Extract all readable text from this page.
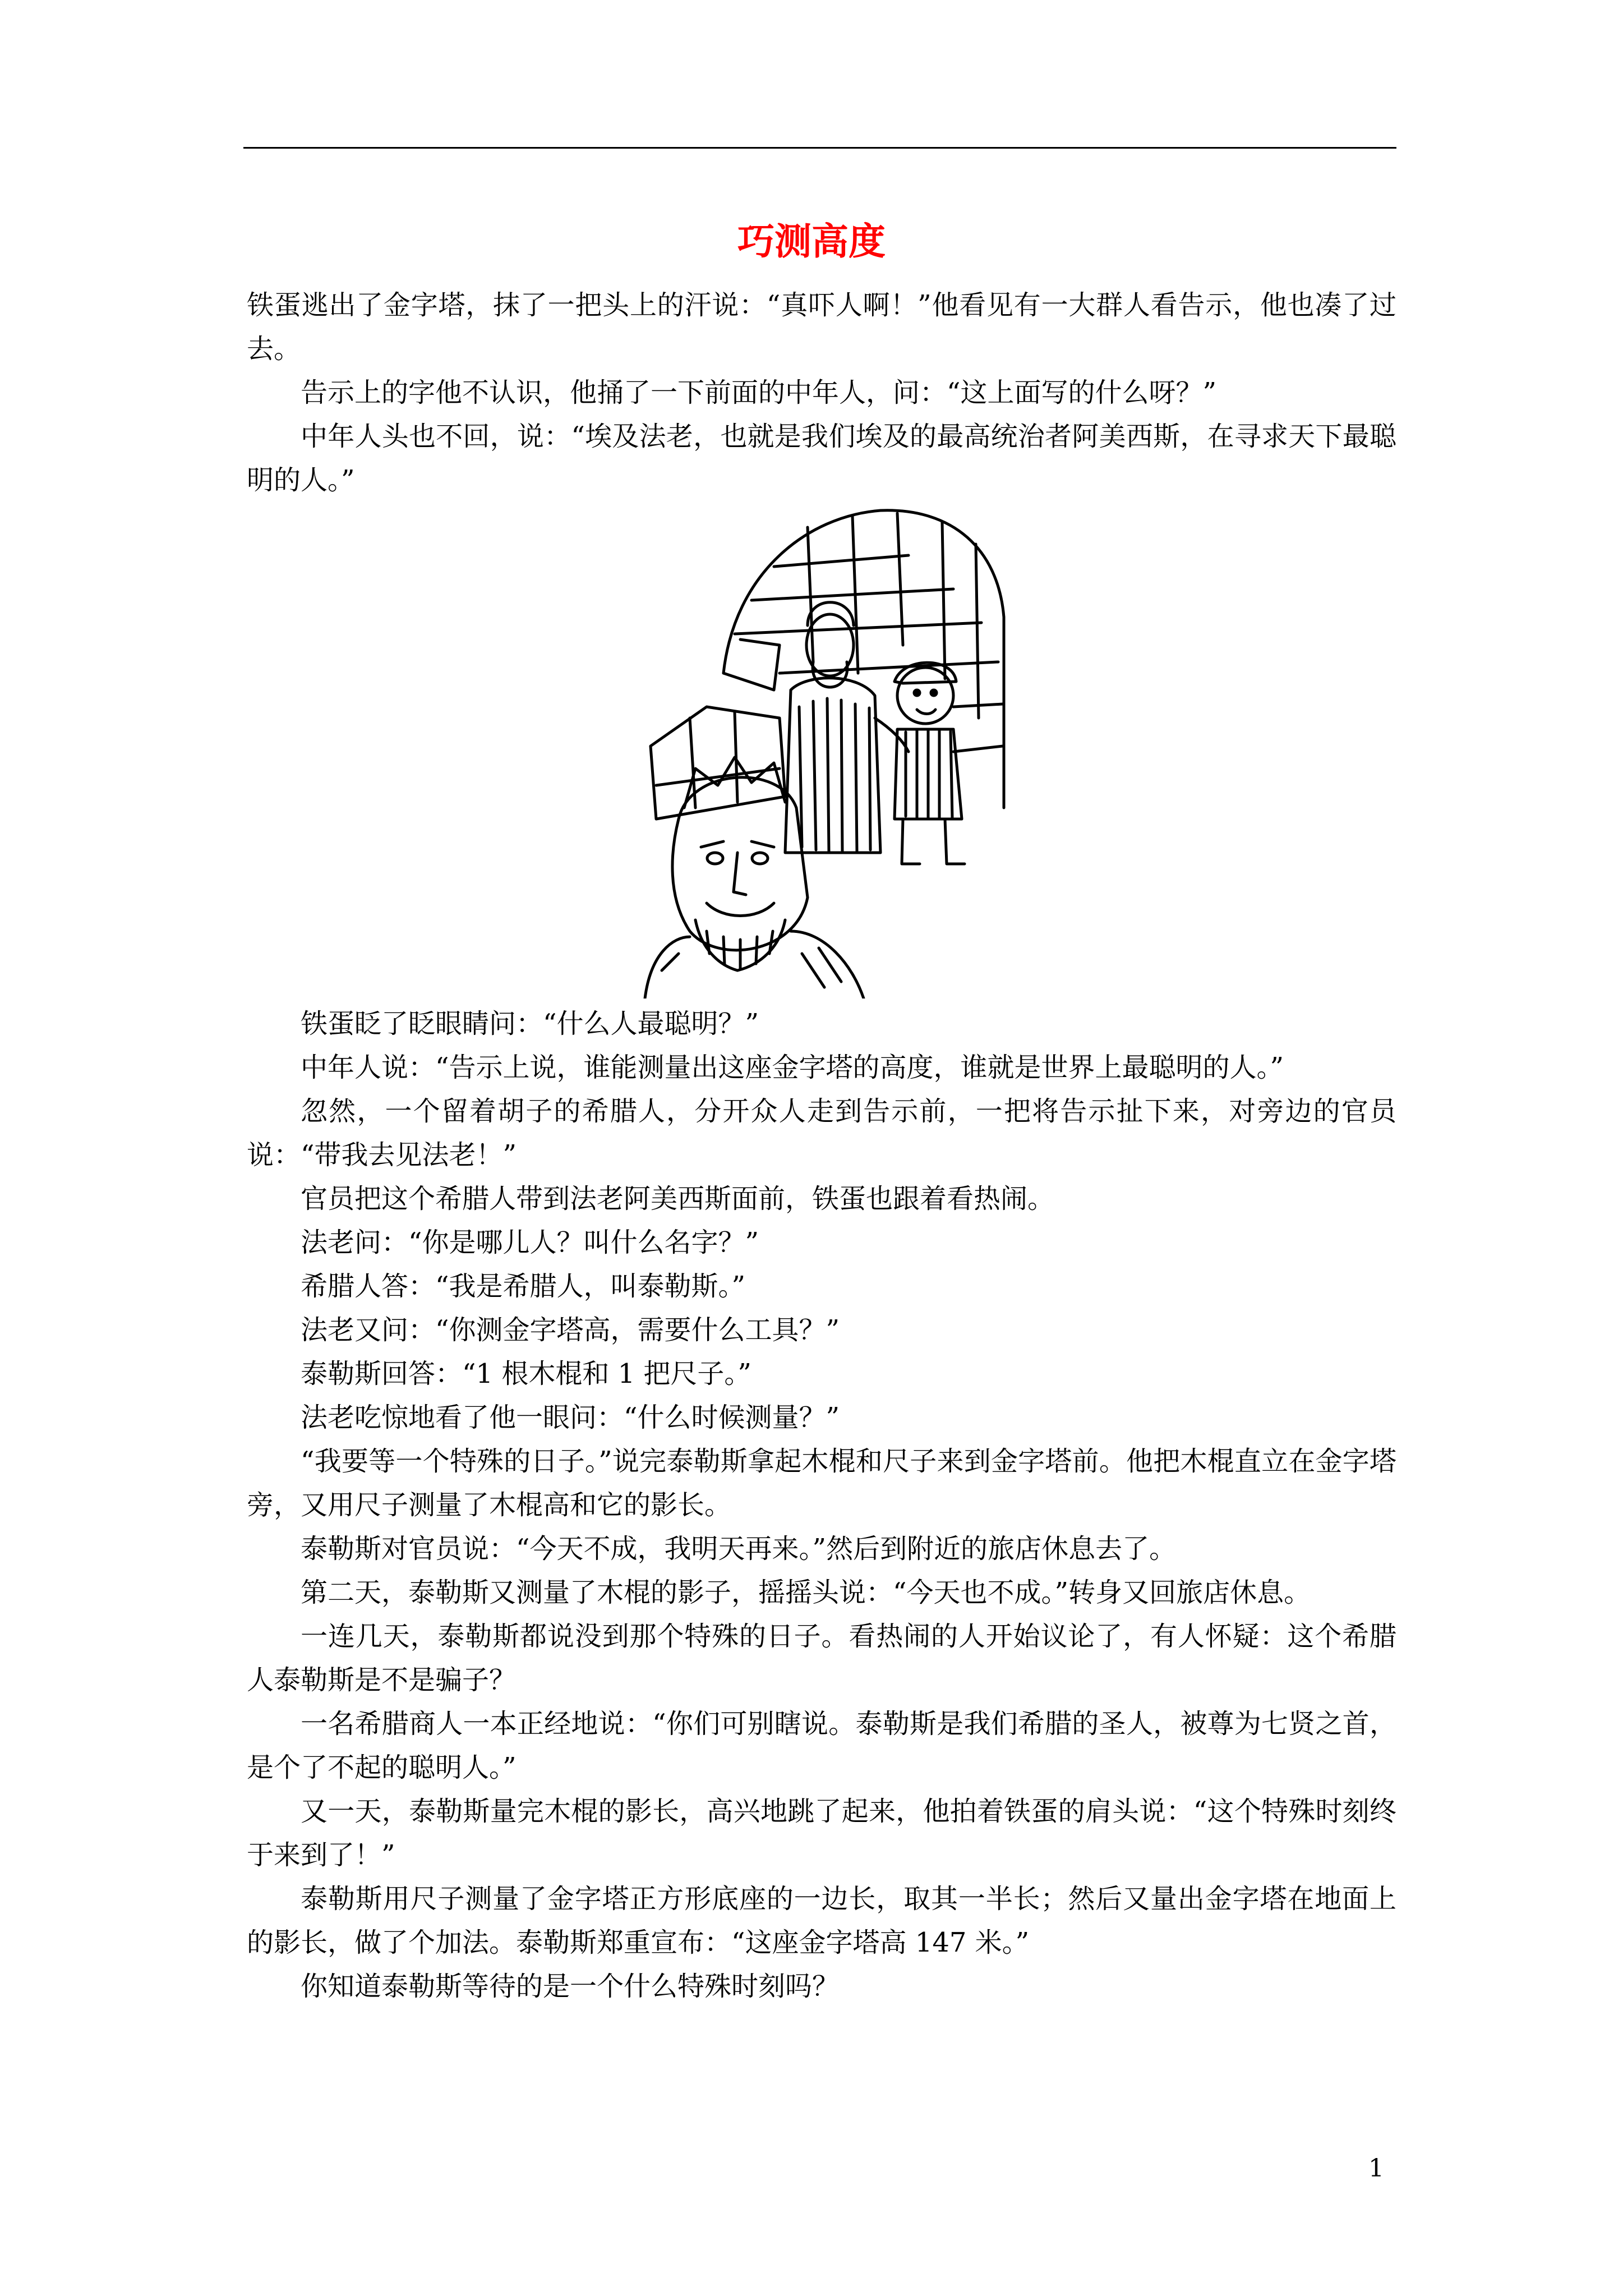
巧测高度

铁蛋逃出了金字塔，抹了一把头上的汗说：“真吓人啊！”他看见有一大群人看告示，他也凑了过去。

告示上的字他不认识，他捅了一下前面的中年人，问：“这上面写的什么呀？”

中年人头也不回，说：“埃及法老，也就是我们埃及的最高统治者阿美西斯，在寻求天下最聪明的人。”

铁蛋眨了眨眼睛问：“什么人最聪明？”

中年人说：“告示上说，谁能测量出这座金字塔的高度，谁就是世界上最聪明的人。”

忽然，一个留着胡子的希腊人，分开众人走到告示前，一把将告示扯下来，对旁边的官员说：“带我去见法老！”

官员把这个希腊人带到法老阿美西斯面前，铁蛋也跟着看热闹。

法老问：“你是哪儿人？叫什么名字？”

希腊人答：“我是希腊人，叫泰勒斯。”

法老又问：“你测金字塔高，需要什么工具？”

泰勒斯回答：“1 根木棍和 1 把尺子。”

法老吃惊地看了他一眼问：“什么时候测量？”

“我要等一个特殊的日子。”说完泰勒斯拿起木棍和尺子来到金字塔前。他把木棍直立在金字塔旁，又用尺子测量了木棍高和它的影长。

泰勒斯对官员说：“今天不成，我明天再来。”然后到附近的旅店休息去了。

第二天，泰勒斯又测量了木棍的影子，摇摇头说：“今天也不成。”转身又回旅店休息。

一连几天，泰勒斯都说没到那个特殊的日子。看热闹的人开始议论了，有人怀疑：这个希腊人泰勒斯是不是骗子？

一名希腊商人一本正经地说：“你们可别瞎说。泰勒斯是我们希腊的圣人，被尊为七贤之首，是个了不起的聪明人。”

又一天，泰勒斯量完木棍的影长，高兴地跳了起来，他拍着铁蛋的肩头说：“这个特殊时刻终于来到了！”

泰勒斯用尺子测量了金字塔正方形底座的一边长，取其一半长；然后又量出金字塔在地面上的影长，做了个加法。泰勒斯郑重宣布：“这座金字塔高 147 米。”

你知道泰勒斯等待的是一个什么特殊时刻吗？

1
